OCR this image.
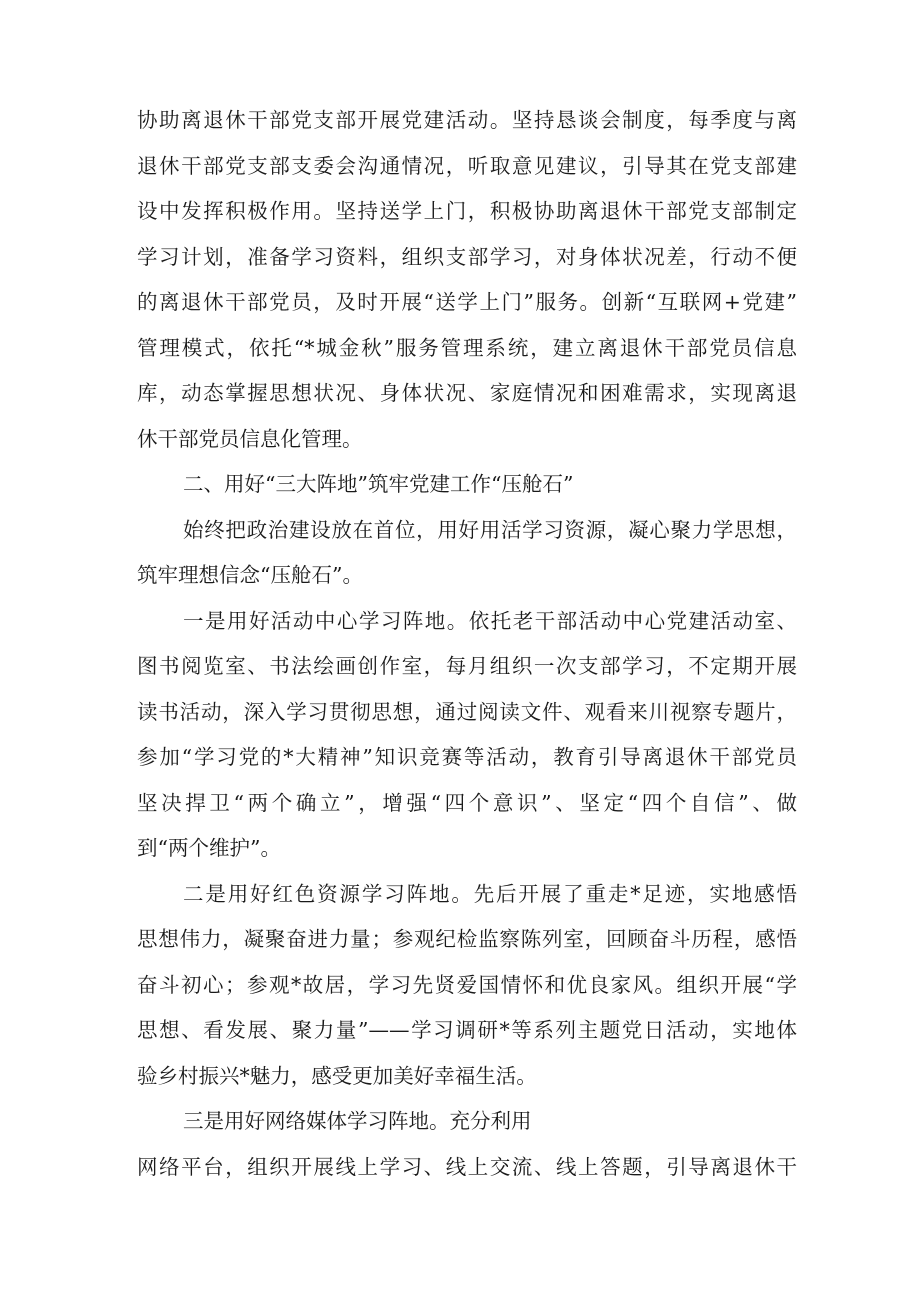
协助离退休干部党支部开展党建活动。坚持恳谈会制度，每季度与离
退休干部党支部支委会沟通情况，听取意见建议，引导其在党支部建
设中发挥积极作用。坚持送学上门，积极协助离退休干部党支部制定
学习计划，准备学习资料，组织支部学习，对身体状况差，行动不便
的离退休干部党员，及时开展“送学上门”服务。创新“互联网+党建”
管理模式，依托“*城金秋”服务管理系统，建立离退休干部党员信息
库，动态掌握思想状况、身体状况、家庭情况和困难需求，实现离退
休干部党员信息化管理。
二、用好“三大阵地”筑牢党建工作“压舱石”
始终把政治建设放在首位，用好用活学习资源，凝心聚力学思想，
筑牢理想信念“压舱石”。
一是用好活动中心学习阵地。依托老干部活动中心党建活动室、
图书阅览室、书法绘画创作室，每月组织一次支部学习，不定期开展
读书活动，深入学习贯彻思想，通过阅读文件、观看来川视察专题片，
参加“学习党的*大精神”知识竞赛等活动，教育引导离退休干部党员
坚决捍卫“两个确立”，增强“四个意识”、坚定“四个自信”、做
到“两个维护”。
二是用好红色资源学习阵地。先后开展了重走*足迹，实地感悟
思想伟力，凝聚奋进力量；参观纪检监察陈列室，回顾奋斗历程，感悟
奋斗初心；参观*故居，学习先贤爱国情怀和优良家风。组织开展“学
思想、看发展、聚力量”——学习调研*等系列主题党日活动，实地体
验乡村振兴*魅力，感受更加美好幸福生活。
三是用好网络媒体学习阵地。充分利用
网络平台，组织开展线上学习、线上交流、线上答题，引导离退休干
